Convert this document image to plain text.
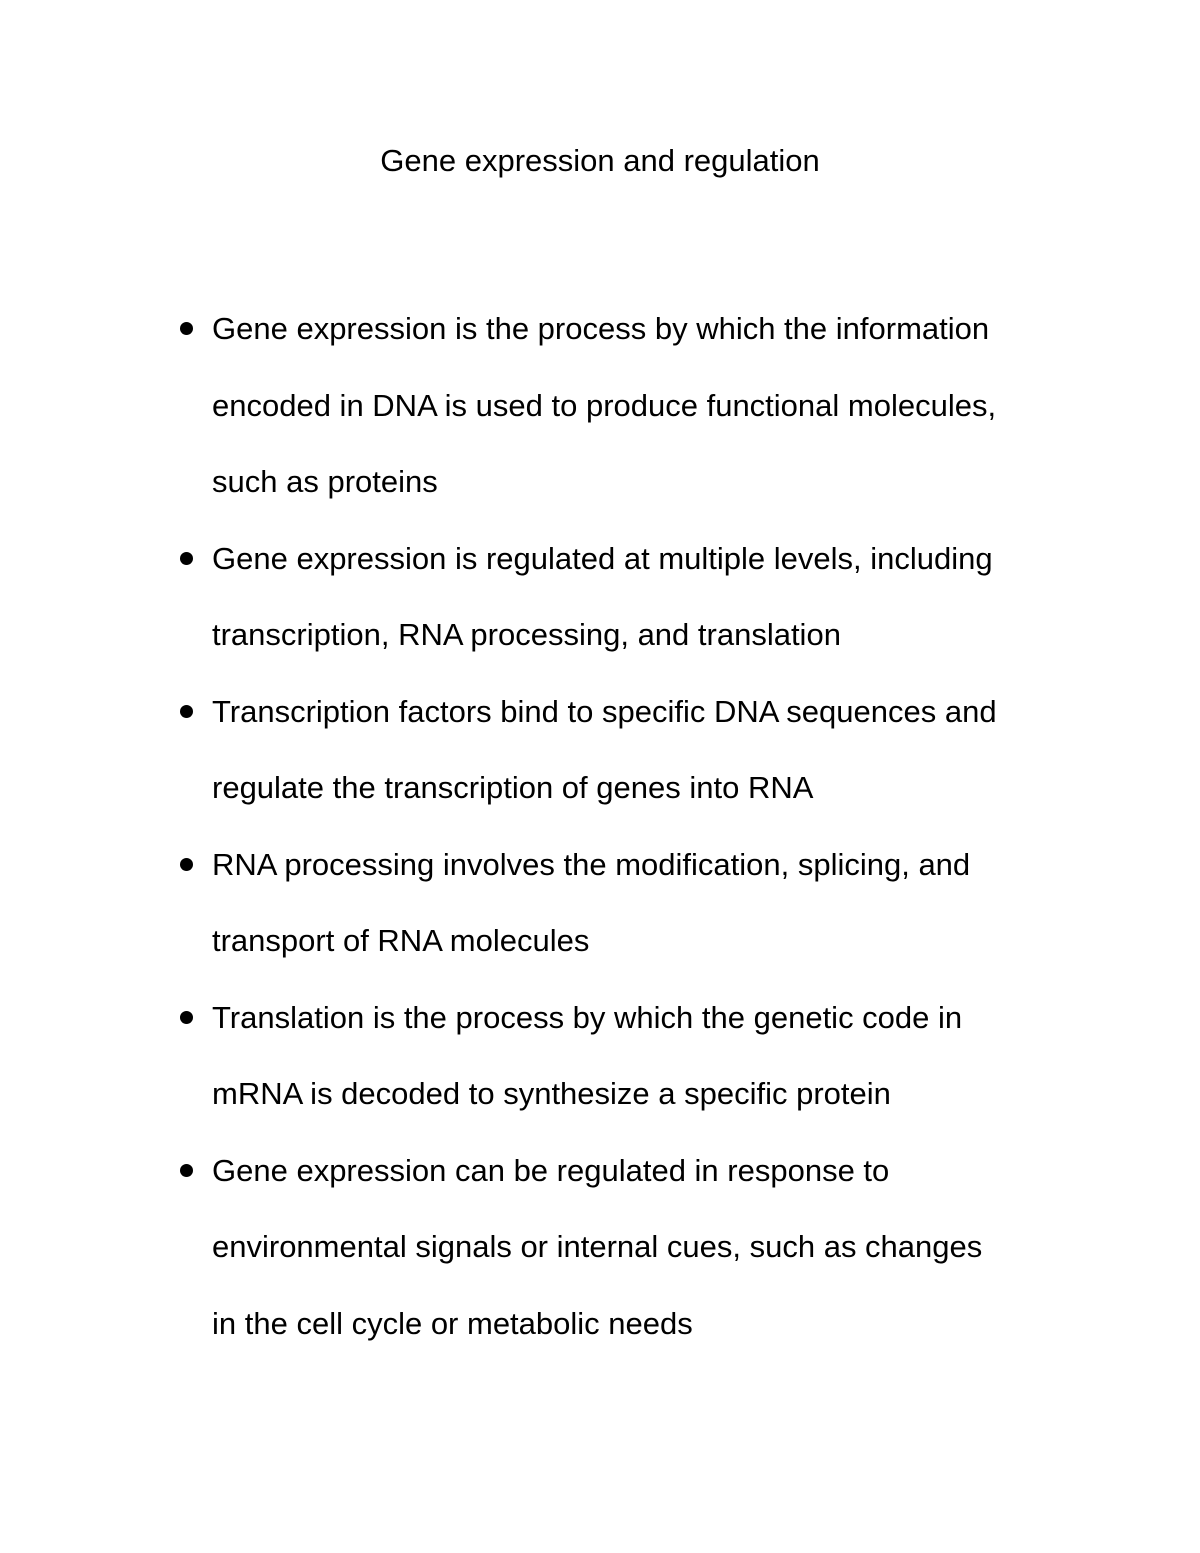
Gene expression and regulation
Gene expression is the process by which the information
encoded in DNA is used to produce functional molecules,
such as proteins
Gene expression is regulated at multiple levels, including
transcription, RNA processing, and translation
Transcription factors bind to specific DNA sequences and
regulate the transcription of genes into RNA
RNA processing involves the modification, splicing, and
transport of RNA molecules
Translation is the process by which the genetic code in
mRNA is decoded to synthesize a specific protein
Gene expression can be regulated in response to
environmental signals or internal cues, such as changes
in the cell cycle or metabolic needs
